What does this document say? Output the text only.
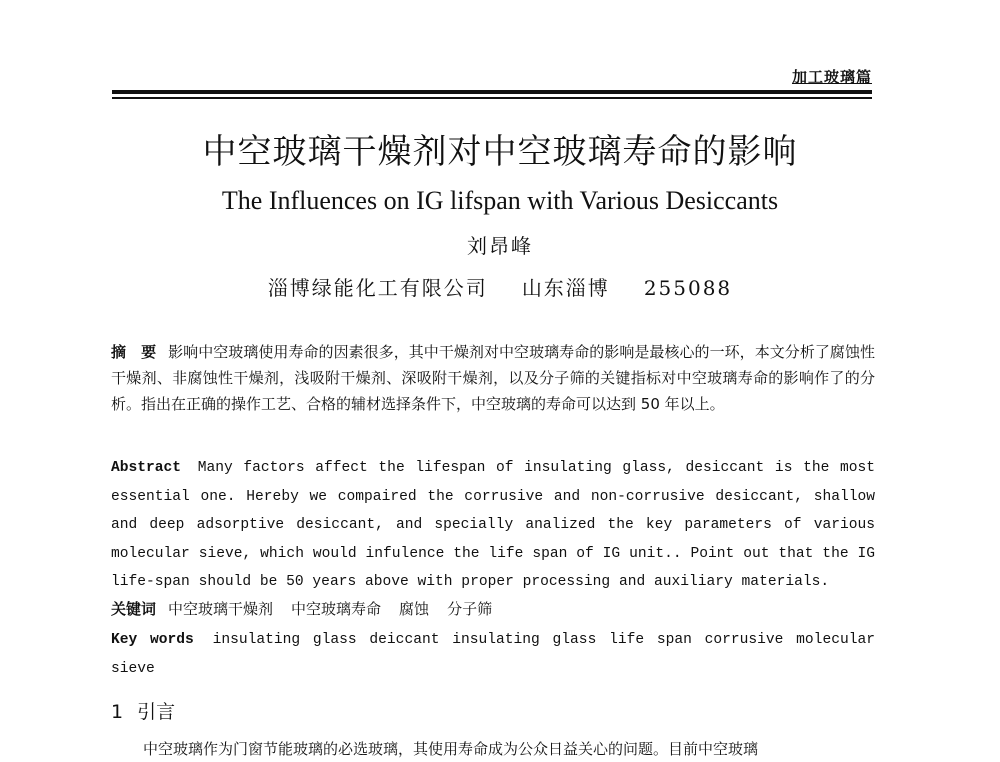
加工玻璃篇
中空玻璃干燥剂对中空玻璃寿命的影响
The Influences on IG lifspan with Various Desiccants
刘昂峰
淄博绿能化工有限公司 山东淄博 255088
摘　要 影响中空玻璃使用寿命的因素很多，其中干燥剂对中空玻璃寿命的影响是最核心的一环，本文分析了腐蚀性干燥剂、非腐蚀性干燥剂，浅吸附干燥剂、深吸附干燥剂，以及分子筛的关键指标对中空玻璃寿命的影响作了的分析。指出在正确的操作工艺、合格的辅材选择条件下，中空玻璃的寿命可以达到 50 年以上。
Abstract Many factors affect the lifespan of insulating glass, desiccant is the most essential one. Hereby we compaired the corrusive and non-corrusive desiccant, shallow and deep adsorptive desiccant, and specially analized the key parameters of various molecular sieve, which would infulence the life span of IG unit.. Point out that the IG life-span should be 50 years above with proper processing and auxiliary materials.
关键词 中空玻璃干燥剂 中空玻璃寿命 腐蚀 分子筛
Key words insulating glass deiccant insulating glass life span corrusive molecular sieve
1 引言
中空玻璃作为门窗节能玻璃的必选玻璃，其使用寿命成为公众日益关心的问题。目前中空玻璃
